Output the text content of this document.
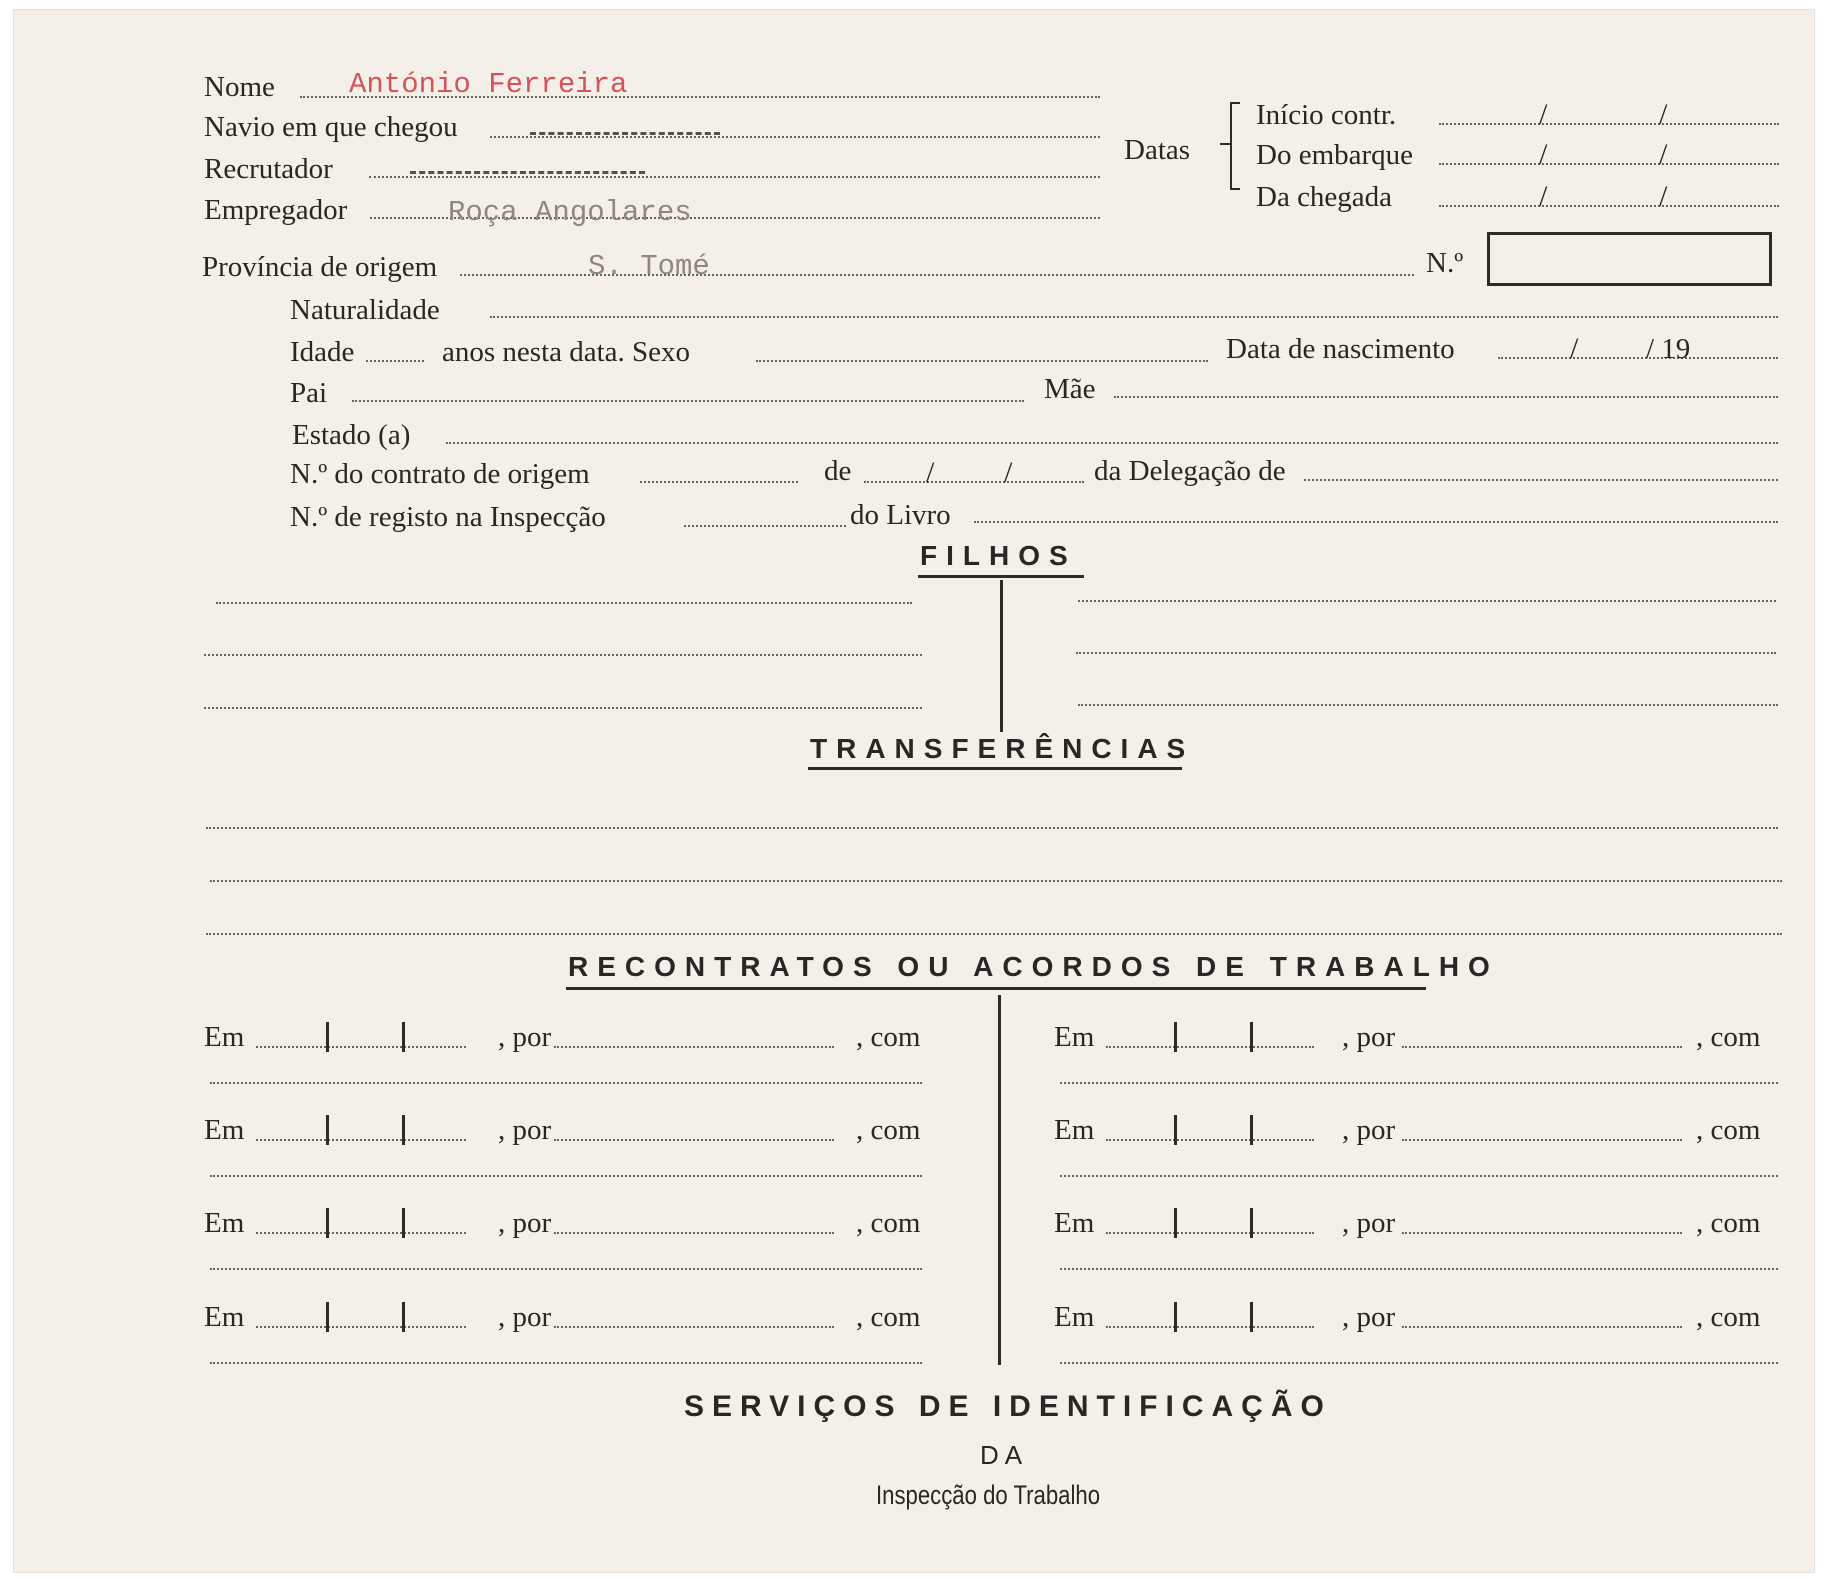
Nome	António Ferreira
Navio em que chegou
Recrutador
Empregador	Roça Angolares
Datas
Início contr.	/	/
Do embarque	/	/
Da chegada	/	/
Província de origem	S. Tomé	N.º
Naturalidade
Idade	anos nesta data. Sexo	Data de nascimento	/ / 19
Pai	Mãe
Estado (a)
N.º do contrato de origem	de / /	da Delegação de
N.º de registo na Inspecção	do Livro
FILHOS
TRANSFERÊNCIAS
RECONTRATOS OU ACORDOS DE TRABALHO
Em	, por	, com
Em	, por	, com
Em	, por	, com
Em	, por	, com
Em	, por	, com
Em	, por	, com
Em	, por	, com
Em	, por	, com
SERVIÇOS DE IDENTIFICAÇÃO
DA
Inspecção do Trabalho
